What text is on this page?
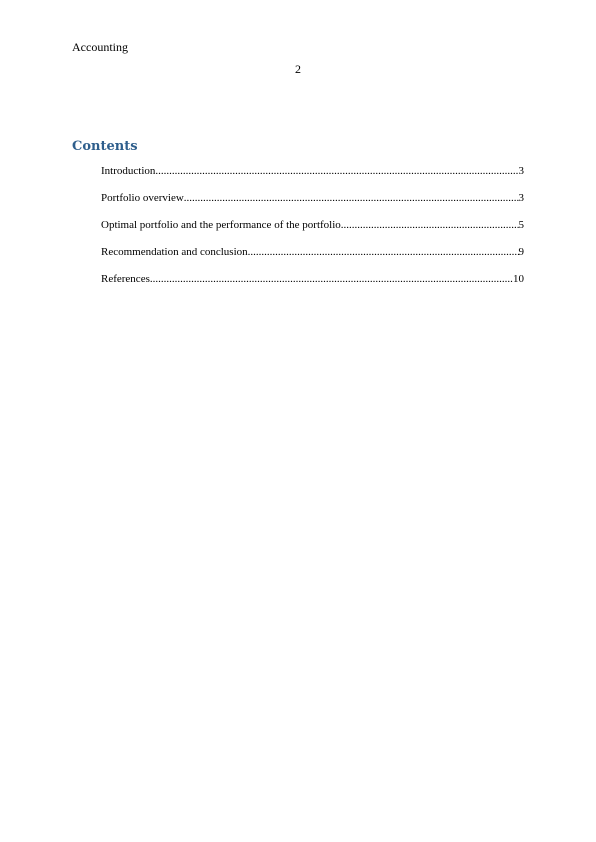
Accounting
2
Contents
Introduction .....	3
Portfolio overview .....	3
Optimal portfolio and the performance of the portfolio .....	5
Recommendation and conclusion .....	9
References .....	10
